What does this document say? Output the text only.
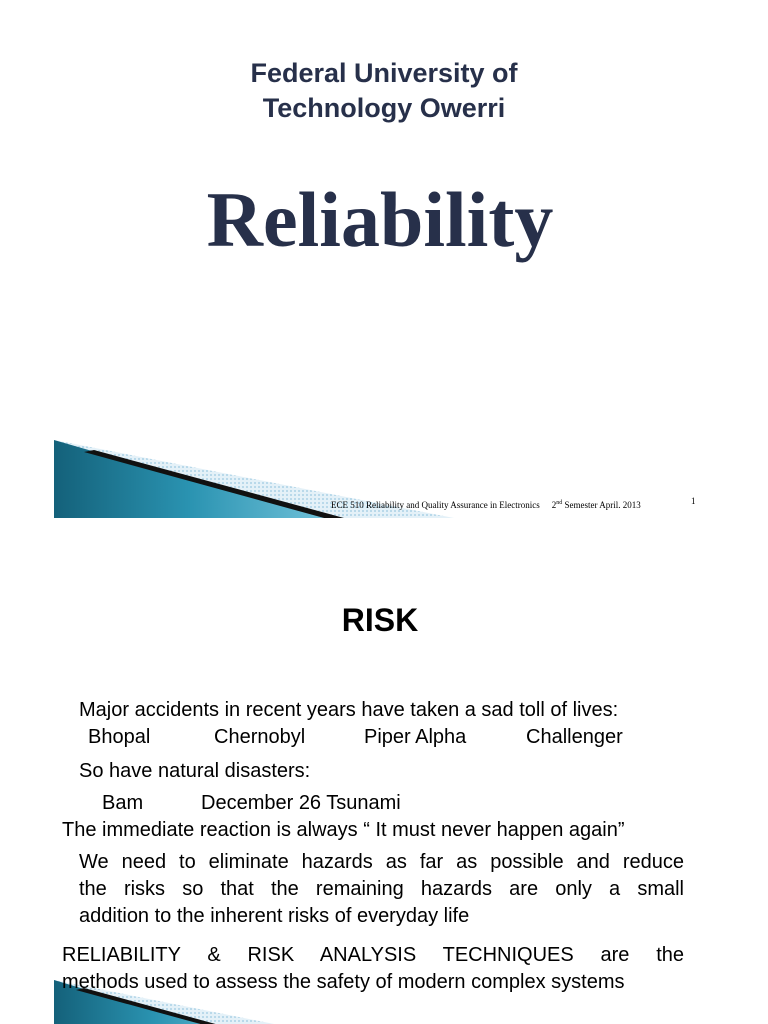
Federal University of
Technology Owerri
Reliability
ECE 510 Reliability and Quality Assurance in Electronics 2nd Semester April. 2013	1
RISK
Major accidents in recent years have taken a sad toll of lives:
Bhopal	Chernobyl	Piper Alpha	Challenger
So have natural disasters:
Bam	December 26 Tsunami
The immediate reaction is always “ It must never happen again”
We need to eliminate hazards as far as possible and reduce
the risks so that the remaining hazards are only a small
addition to the inherent risks of everyday life
RELIABILITY & RISK ANALYSIS TECHNIQUES are the
methods used to assess the safety of modern complex systems
